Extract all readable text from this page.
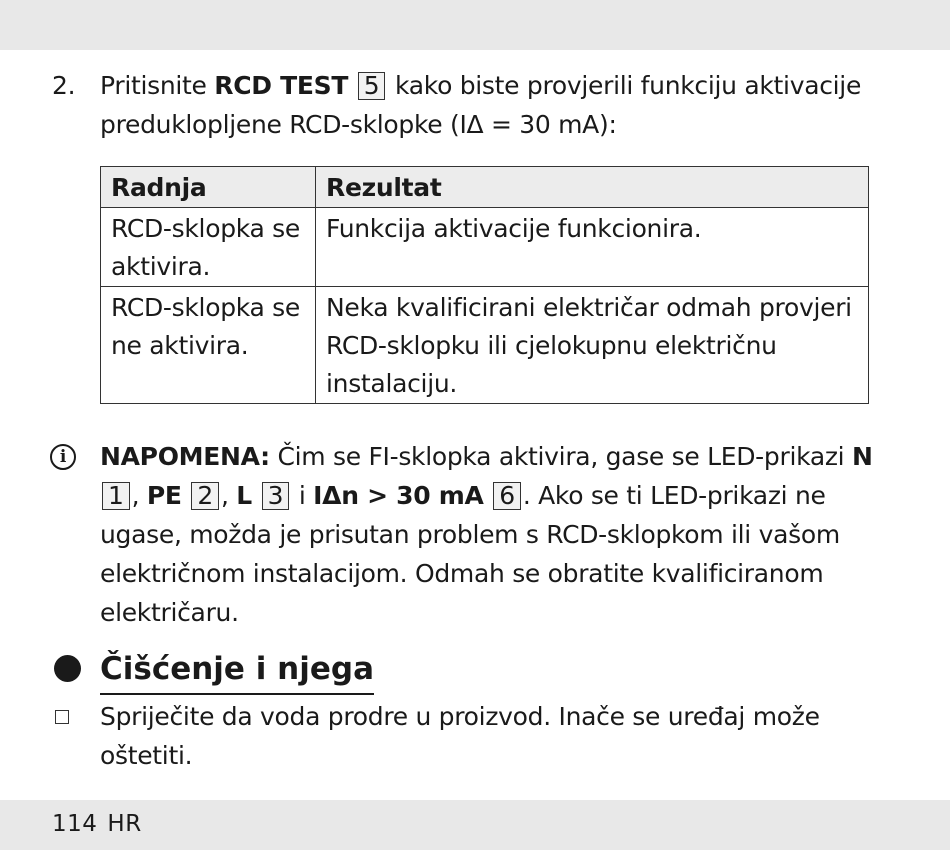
2. Pritisnite RCD TEST 5 kako biste provjerili funkciju aktivacije preduklopljene RCD-sklopke (IΔ = 30 mA):
Radnja	Rezultat
RCD-sklopka se aktivira.	Funkcija aktivacije funkcionira.
RCD-sklopka se ne aktivira.	Neka kvalificirani električar odmah provjeri RCD-sklopku ili cjelokupnu električnu instalaciju.
i	NAPOMENA: Čim se FI-sklopka aktivira, gase se LED-prikazi N 1 , PE 2 , L 3 i IΔn > 30 mA 6 . Ako se ti LED-prikazi ne ugase, možda je prisutan problem s RCD-sklopkom ili vašom električnom instalacijom. Odmah se obratite kvalificiranom električaru.
Čišćenje i njega
Spriječite da voda prodre u proizvod. Inače se uređaj može oštetiti.
114 HR
